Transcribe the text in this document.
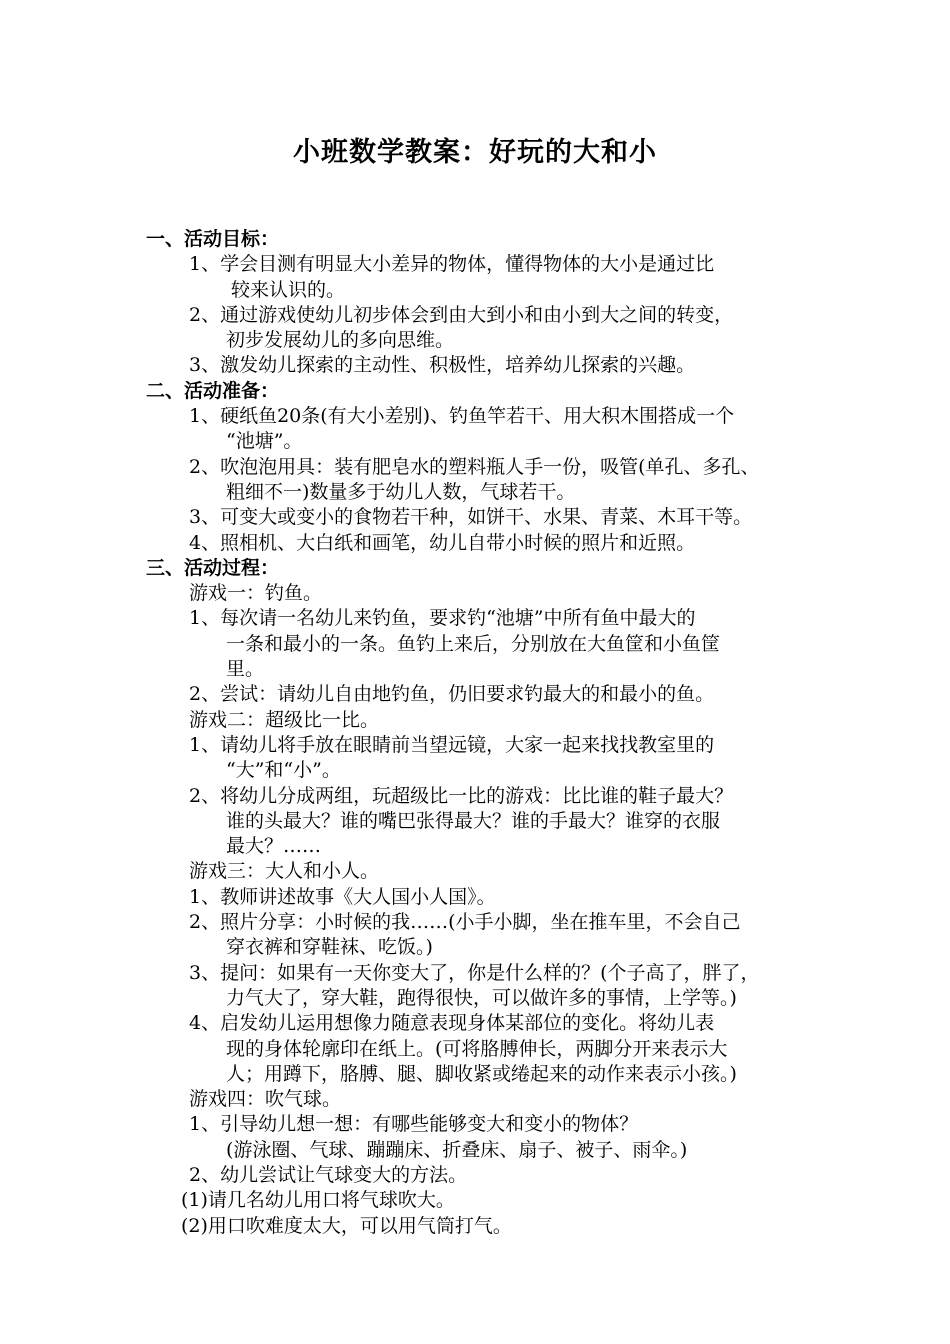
小班数学教案：好玩的大和小
一、活动目标：
1、学会目测有明显大小差异的物体，懂得物体的大小是通过比
较来认识的。
2、通过游戏使幼儿初步体会到由大到小和由小到大之间的转变，
初步发展幼儿的多向思维。
3、激发幼儿探索的主动性、积极性，培养幼儿探索的兴趣。
二、活动准备：
1、硬纸鱼20条(有大小差别)、钓鱼竿若干、用大积木围搭成一个
“池塘”。
2、吹泡泡用具：装有肥皂水的塑料瓶人手一份，吸管(单孔、多孔、
粗细不一)数量多于幼儿人数，气球若干。
3、可变大或变小的食物若干种，如饼干、水果、青菜、木耳干等。
4、照相机、大白纸和画笔，幼儿自带小时候的照片和近照。
三、活动过程：
游戏一：钓鱼。
1、每次请一名幼儿来钓鱼，要求钓“池塘”中所有鱼中最大的
一条和最小的一条。鱼钓上来后，分别放在大鱼筐和小鱼筐
里。
2、尝试：请幼儿自由地钓鱼，仍旧要求钓最大的和最小的鱼。
游戏二：超级比一比。
1、请幼儿将手放在眼睛前当望远镜，大家一起来找找教室里的
“大”和“小”。
2、将幼儿分成两组，玩超级比一比的游戏：比比谁的鞋子最大？
谁的头最大？谁的嘴巴张得最大？谁的手最大？谁穿的衣服
最大？……
游戏三：大人和小人。
1、教师讲述故事《大人国小人国》。
2、照片分享：小时候的我……(小手小脚，坐在推车里，不会自己
穿衣裤和穿鞋袜、吃饭。)
3、提问：如果有一天你变大了，你是什么样的？(个子高了，胖了，
力气大了，穿大鞋，跑得很快，可以做许多的事情，上学等。)
4、启发幼儿运用想像力随意表现身体某部位的变化。将幼儿表
现的身体轮廓印在纸上。(可将胳膊伸长，两脚分开来表示大
人；用蹲下，胳膊、腿、脚收紧或绻起来的动作来表示小孩。)
游戏四：吹气球。
1、引导幼儿想一想：有哪些能够变大和变小的物体？
(游泳圈、气球、蹦蹦床、折叠床、扇子、被子、雨伞。)
2、幼儿尝试让气球变大的方法。
(1)请几名幼儿用口将气球吹大。
(2)用口吹难度太大，可以用气筒打气。
